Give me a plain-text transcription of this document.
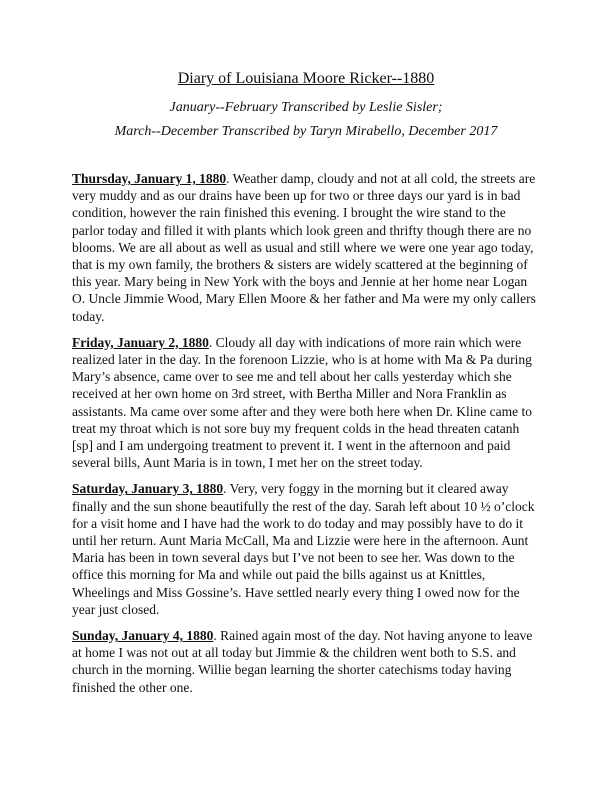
Diary of Louisiana Moore Ricker--1880
January--February Transcribed by Leslie Sisler;
March--December Transcribed by Taryn Mirabello, December 2017

Thursday, January 1, 1880. Weather damp, cloudy and not at all cold, the streets are very muddy and as our drains have been up for two or three days our yard is in bad condition, however the rain finished this evening. I brought the wire stand to the parlor today and filled it with plants which look green and thrifty though there are no blooms. We are all about as well as usual and still where we were one year ago today, that is my own family, the brothers & sisters are widely scattered at the beginning of this year. Mary being in New York with the boys and Jennie at her home near Logan O. Uncle Jimmie Wood, Mary Ellen Moore & her father and Ma were my only callers today.

Friday, January 2, 1880. Cloudy all day with indications of more rain which were realized later in the day. In the forenoon Lizzie, who is at home with Ma & Pa during Mary’s absence, came over to see me and tell about her calls yesterday which she received at her own home on 3rd street, with Bertha Miller and Nora Franklin as assistants. Ma came over some after and they were both here when Dr. Kline came to treat my throat which is not sore buy my frequent colds in the head threaten catanh [sp] and I am undergoing treatment to prevent it. I went in the afternoon and paid several bills, Aunt Maria is in town, I met her on the street today.

Saturday, January 3, 1880. Very, very foggy in the morning but it cleared away finally and the sun shone beautifully the rest of the day. Sarah left about 10 ½ o’clock for a visit home and I have had the work to do today and may possibly have to do it until her return. Aunt Maria McCall, Ma and Lizzie were here in the afternoon. Aunt Maria has been in town several days but I’ve not been to see her. Was down to the office this morning for Ma and while out paid the bills against us at Knittles, Wheelings and Miss Gossine’s. Have settled nearly every thing I owed now for the year just closed.

Sunday, January 4, 1880. Rained again most of the day. Not having anyone to leave at home I was not out at all today but Jimmie & the children went both to S.S. and church in the morning. Willie began learning the shorter catechisms today having finished the other one.
